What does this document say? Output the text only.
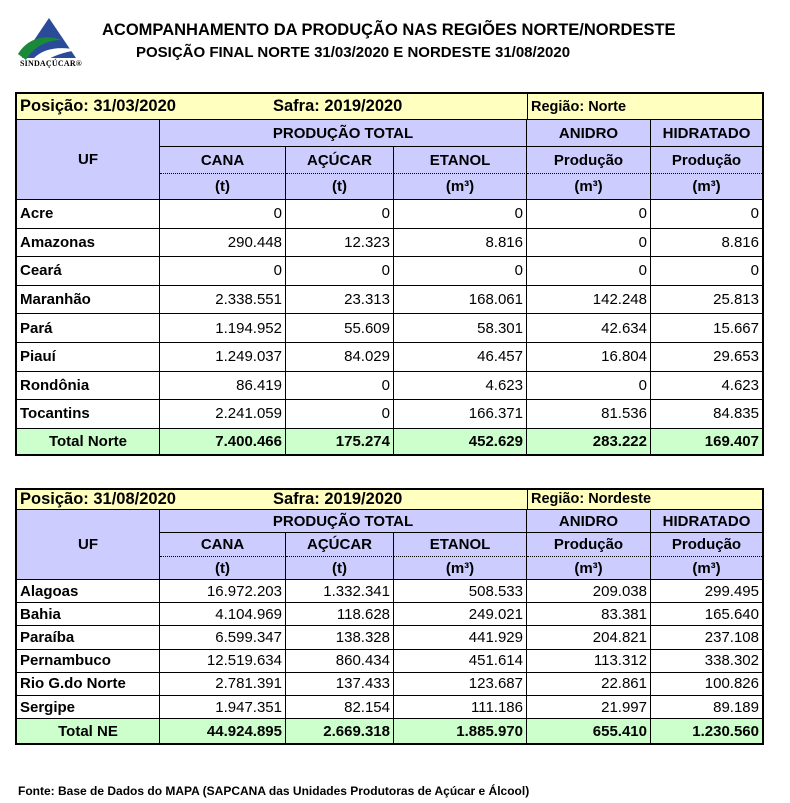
SINDAÇÚCAR®
ACOMPANHAMENTO DA PRODUÇÃO NAS REGIÕES NORTE/NORDESTE
POSIÇÃO FINAL NORTE 31/03/2020 E NORDESTE 31/08/2020
Posição: 31/03/2020	Safra: 2019/2020	Região: Norte
UF
PRODUÇÃO TOTAL	ANIDRO	HIDRATADO
CANA	AÇÚCAR	ETANOL	Produção	Produção
(t)	(t)	(m³)	(m³)	(m³)
Acre	0	0	0	0	0
Amazonas	290.448	12.323	8.816	0	8.816
Ceará	0	0	0	0	0
Maranhão	2.338.551	23.313	168.061	142.248	25.813
Pará	1.194.952	55.609	58.301	42.634	15.667
Piauí	1.249.037	84.029	46.457	16.804	29.653
Rondônia	86.419	0	4.623	0	4.623
Tocantins	2.241.059	0	166.371	81.536	84.835
Total Norte	7.400.466	175.274	452.629	283.222	169.407
Posição: 31/08/2020	Safra: 2019/2020	Região: Nordeste
UF
PRODUÇÃO TOTAL	ANIDRO	HIDRATADO
CANA	AÇÚCAR	ETANOL	Produção	Produção
(t)	(t)	(m³)	(m³)	(m³)
Alagoas	16.972.203	1.332.341	508.533	209.038	299.495
Bahia	4.104.969	118.628	249.021	83.381	165.640
Paraíba	6.599.347	138.328	441.929	204.821	237.108
Pernambuco	12.519.634	860.434	451.614	113.312	338.302
Rio G.do Norte	2.781.391	137.433	123.687	22.861	100.826
Sergipe	1.947.351	82.154	111.186	21.997	89.189
Total NE	44.924.895	2.669.318	1.885.970	655.410	1.230.560
Fonte: Base de Dados do MAPA (SAPCANA das Unidades Produtoras de Açúcar e Álcool)
